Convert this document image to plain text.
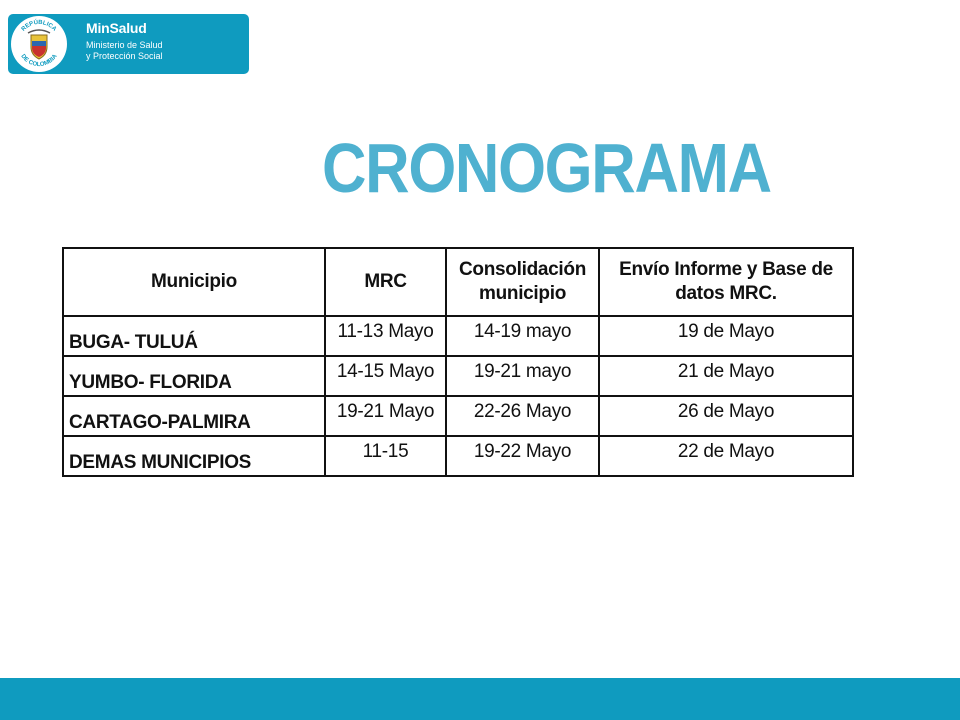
REPÚBLICA
DE COLOMBIA
MinSalud
Ministerio de Salud
y Protección Social
CRONOGRAMA
Municipio	MRC	Consolidación municipio	Envío Informe y Base de datos MRC.
BUGA- TULUÁ	11-13 Mayo	14-19 mayo	19 de Mayo
YUMBO- FLORIDA	14-15 Mayo	19-21 mayo	21 de Mayo
CARTAGO-PALMIRA	19-21 Mayo	22-26 Mayo	26 de Mayo
DEMAS MUNICIPIOS	11-15	19-22 Mayo	22 de Mayo
